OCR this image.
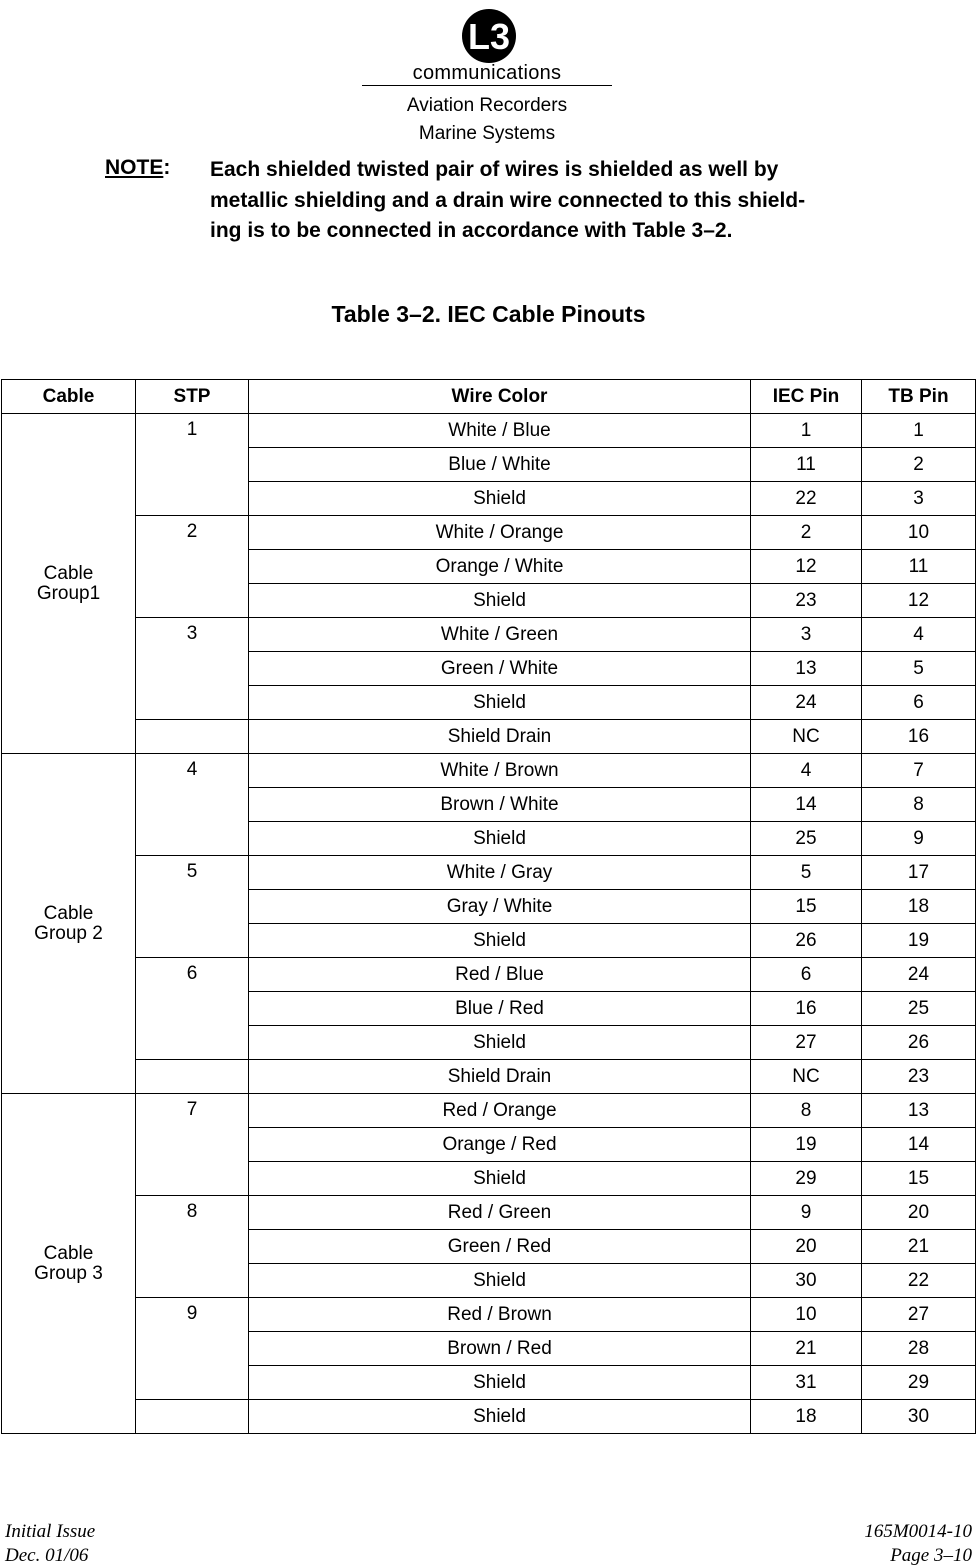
L3
communications
Aviation Recorders
Marine Systems
NOTE: Each shielded twisted pair of wires is shielded as well by
metallic shielding and a drain wire connected to this shield-
ing is to be connected in accordance with Table 3–2.
Table 3–2. IEC Cable Pinouts
Cable	STP	Wire Color	IEC Pin	TB Pin

Cable
Group1	1	White / Blue	1	1
		Blue / White	11	2
		Shield	22	3
	2	White / Orange	2	10
		Orange / White	12	11
		Shield	23	12
	3	White / Green	3	4
		Green / White	13	5
		Shield	24	6
		Shield Drain	NC	16

Cable
Group 2	4	White / Brown	4	7
		Brown / White	14	8
		Shield	25	9
	5	White / Gray	5	17
		Gray / White	15	18
		Shield	26	19
	6	Red / Blue	6	24
		Blue / Red	16	25
		Shield	27	26
		Shield Drain	NC	23

Cable
Group 3	7	Red / Orange	8	13
		Orange / Red	19	14
		Shield	29	15
	8	Red / Green	9	20
		Green / Red	20	21
		Shield	30	22
	9	Red / Brown	10	27
		Brown / Red	21	28
		Shield	31	29
		Shield	18	30
Initial Issue
Dec. 01/06
165M0014-10
Page 3–10
